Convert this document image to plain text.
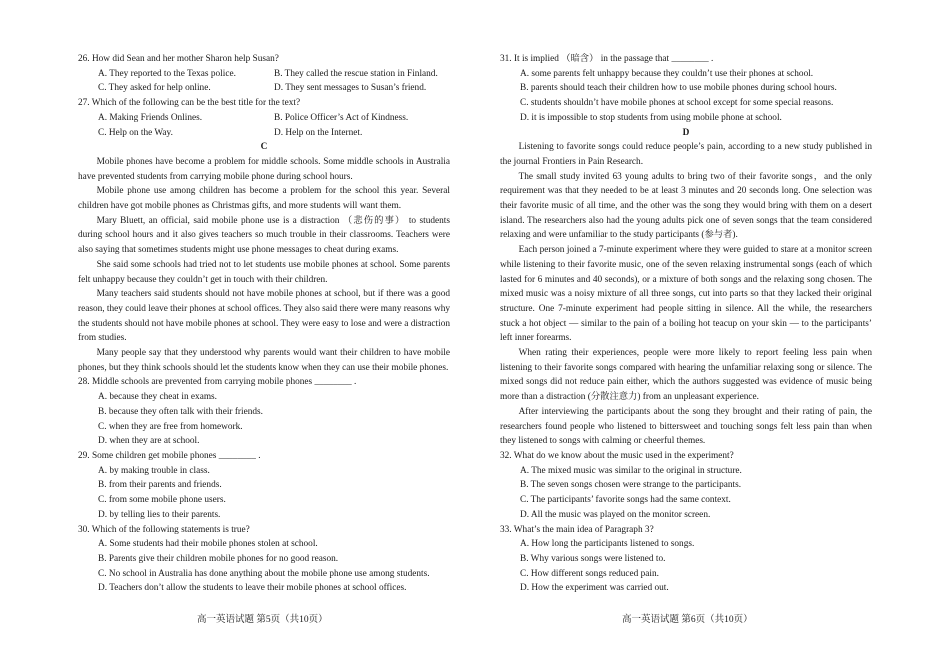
26. How did Sean and her mother Sharon help Susan?

A. They reported to the Texas police.	B. They called the rescue station in Finland.
C. They asked for help online.	D. They sent messages to Susan’s friend.

27. Which of the following can be the best title for the text?

A. Making Friends Onlines.	B. Police Officer’s Act of Kindness.
C. Help on the Way.	D. Help on the Internet.
C

Mobile phones have become a problem for middle schools. Some middle schools in Australia have prevented students from carrying mobile phone during school hours.

Mobile phone use among children has become a problem for the school this year. Several children have got mobile phones as Christmas gifts, and more students will want them.

Mary Bluett, an official, said mobile phone use is a distraction （悲伤的事） to students during school hours and it also gives teachers so much trouble in their classrooms. Teachers were also saying that sometimes students might use phone messages to cheat during exams.

She said some schools had tried not to let students use mobile phones at school. Some parents felt unhappy because they couldn’t get in touch with their children.

Many teachers said students should not have mobile phones at school, but if there was a good reason, they could leave their phones at school offices. They also said there were many reasons why the students should not have mobile phones at school. They were easy to lose and were a distraction from studies.

Many people say that they understood why parents would want their children to have mobile phones, but they think schools should let the students know when they can use their mobile phones.

28. Middle schools are prevented from carrying mobile phones ________ .

A. because they cheat in exams.
B. because they often talk with their friends.
C. when they are free from homework.
D. when they are at school.

29. Some children get mobile phones ________ .

A. by making trouble in class.
B. from their parents and friends.
C. from some mobile phone users.
D. by telling lies to their parents.

30. Which of the following statements is true?

A. Some students had their mobile phones stolen at school.
B. Parents give their children mobile phones for no good reason.
C. No school in Australia has done anything about the mobile phone use among students.
D. Teachers don’t allow the students to leave their mobile phones at school offices.

31. It is implied （暗含） in the passage that ________ .

A. some parents felt unhappy because they couldn’t use their phones at school.
B. parents should teach their children how to use mobile phones during school hours.
C. students shouldn’t have mobile phones at school except for some special reasons.
D. it is impossible to stop students from using mobile phone at school.
D

Listening to favorite songs could reduce people’s pain, according to a new study published in the journal Frontiers in Pain Research.

The small study invited 63 young adults to bring two of their favorite songs，and the only requirement was that they needed to be at least 3 minutes and 20 seconds long. One selection was their favorite music of all time, and the other was the song they would bring with them on a desert island. The researchers also had the young adults pick one of seven songs that the team considered relaxing and were unfamiliar to the study participants (参与者).

Each person joined a 7-minute experiment where they were guided to stare at a monitor screen while listening to their favorite music, one of the seven relaxing instrumental songs (each of which lasted for 6 minutes and 40 seconds), or a mixture of both songs and the relaxing song chosen. The mixed music was a noisy mixture of all three songs, cut into parts so that they lacked their original structure. One 7-minute experiment had people sitting in silence. All the while, the researchers stuck a hot object — similar to the pain of a boiling hot teacup on your skin — to the participants’ left inner forearms.

When rating their experiences, people were more likely to report feeling less pain when listening to their favorite songs compared with hearing the unfamiliar relaxing song or silence. The mixed songs did not reduce pain either, which the authors suggested was evidence of music being more than a distraction (分散注意力) from an unpleasant experience.

After interviewing the participants about the song they brought and their rating of pain, the researchers found people who listened to bittersweet and touching songs felt less pain than when they listened to songs with calming or cheerful themes.

32. What do we know about the music used in the experiment?

A. The mixed music was similar to the original in structure.
B. The seven songs chosen were strange to the participants.
C. The participants’ favorite songs had the same context.
D. All the music was played on the monitor screen.

33. What’s the main idea of Paragraph 3?

A. How long the participants listened to songs.
B. Why various songs were listened to.
C. How different songs reduced pain.
D. How the experiment was carried out.
高一英语试题 第5页（共10页）	高一英语试题 第6页（共10页）
